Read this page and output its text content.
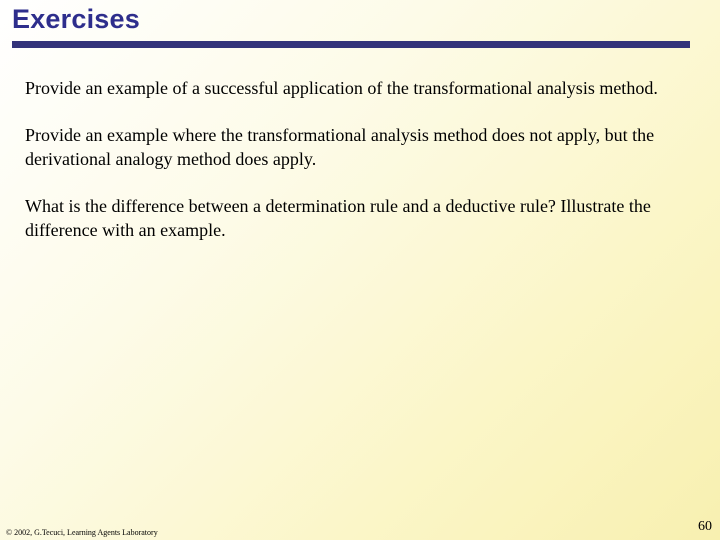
Exercises

Provide an example of a successful application of the transformational analysis method.

Provide an example where the transformational analysis method does not apply, but the derivational analogy method does apply.

What is the difference between a determination rule and a deductive rule? Illustrate the difference with an example.

© 2002, G.Tecuci, Learning Agents Laboratory	60
